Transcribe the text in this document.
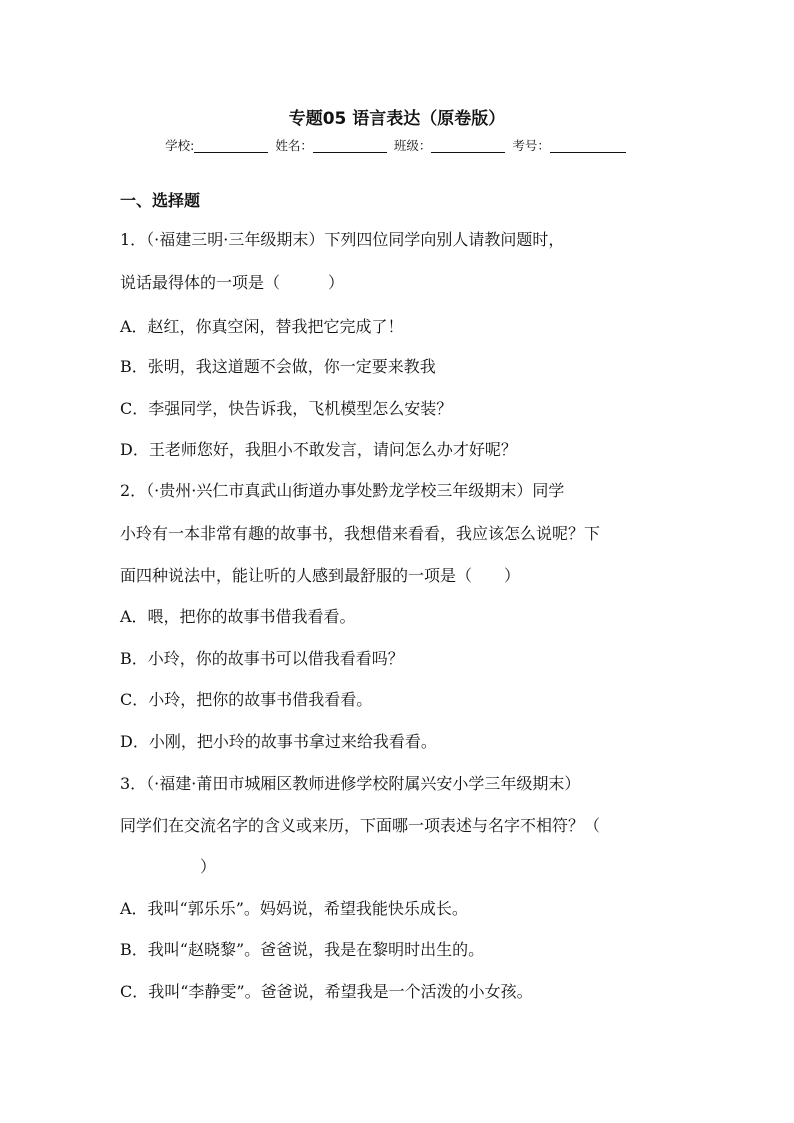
专题05 语言表达（原卷版）
学校:	姓名：	班级：	考号：
一、选择题
1．（·福建三明·三年级期末）下列四位同学向别人请教问题时，
说话最得体的一项是（　　　）
A．赵红，你真空闲，替我把它完成了！
B．张明，我这道题不会做，你一定要来教我
C．李强同学，快告诉我，飞机模型怎么安装？
D．王老师您好，我胆小不敢发言，请问怎么办才好呢？
2．（·贵州·兴仁市真武山街道办事处黔龙学校三年级期末）同学
小玲有一本非常有趣的故事书，我想借来看看，我应该怎么说呢？下
面四种说法中，能让听的人感到最舒服的一项是（　　）
A．喂，把你的故事书借我看看。
B．小玲，你的故事书可以借我看看吗？
C．小玲，把你的故事书借我看看。
D．小刚，把小玲的故事书拿过来给我看看。
3．（·福建·莆田市城厢区教师进修学校附属兴安小学三年级期末）
同学们在交流名字的含义或来历，下面哪一项表述与名字不相符？（
　　　　　）
A．我叫“郭乐乐”。妈妈说，希望我能快乐成长。
B．我叫“赵晓黎”。爸爸说，我是在黎明时出生的。
C．我叫“李静雯”。爸爸说，希望我是一个活泼的小女孩。
